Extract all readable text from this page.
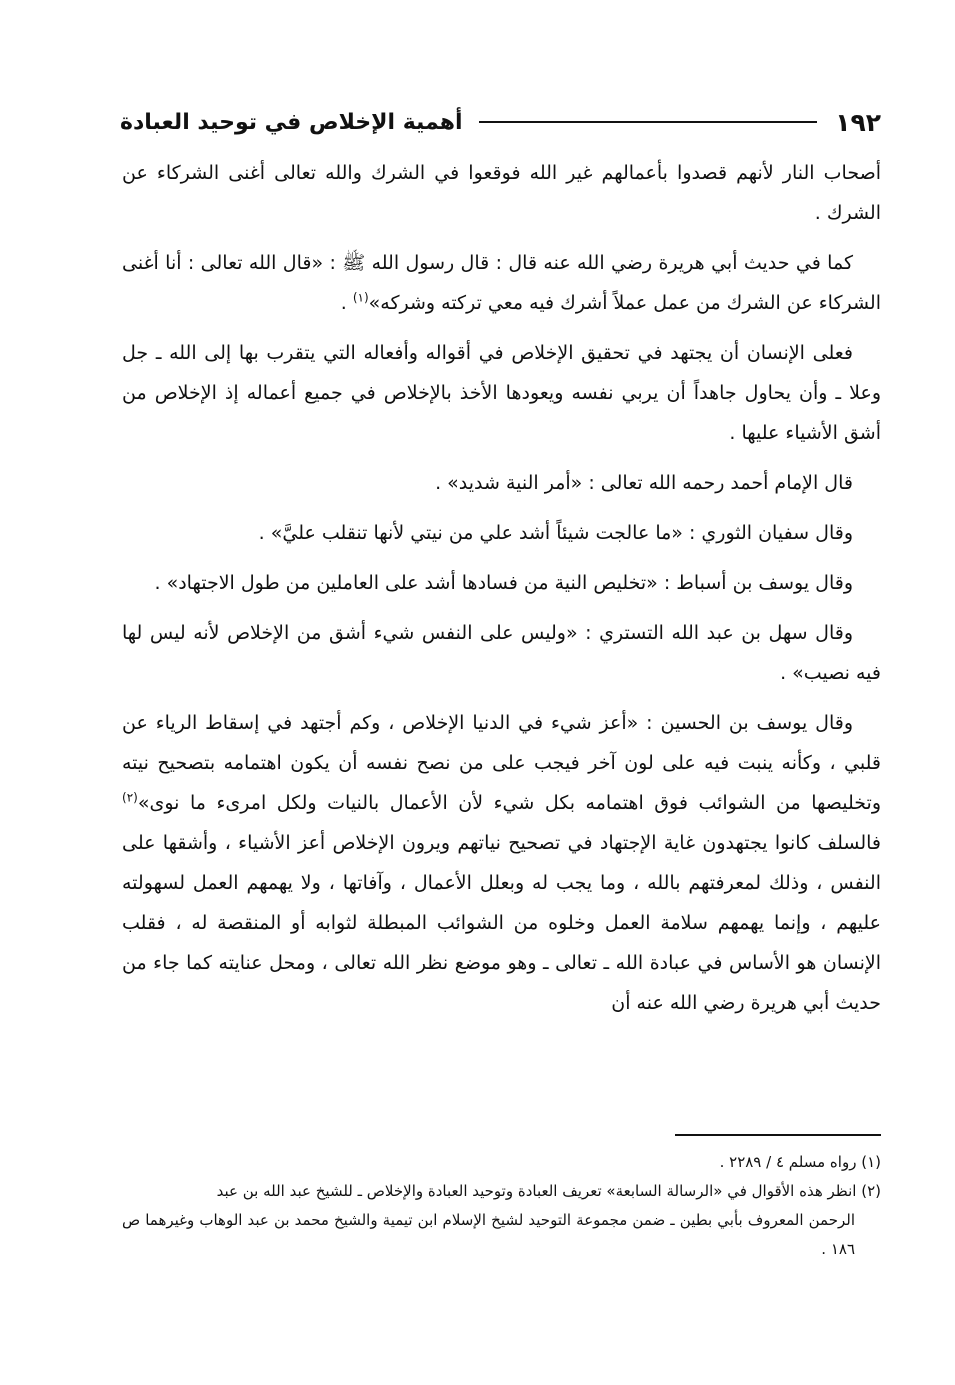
١٩٢
أهمية الإخلاص في توحيد العبادة

أصحاب النار لأنهم قصدوا بأعمالهم غير الله فوقعوا في الشرك والله تعالى أغنى الشركاء عن الشرك .

كما في حديث أبي هريرة رضي الله عنه قال : قال رسول الله ﷺ : «قال الله تعالى : أنا أغنى الشركاء عن الشرك من عمل عملاً أشرك فيه معي تركته وشركه»$^{(١)}$ .

فعلى الإنسان أن يجتهد في تحقيق الإخلاص في أقواله وأفعاله التي يتقرب بها إلى الله ـ جل وعلا ـ وأن يحاول جاهداً أن يربي نفسه ويعودها الأخذ بالإخلاص في جميع أعماله إذ الإخلاص من أشق الأشياء عليها .

قال الإمام أحمد رحمه الله تعالى : «أمر النية شديد» .

وقال سفيان الثوري : «ما عالجت شيئاً أشد علي من نيتي لأنها تنقلب عليَّ» .

وقال يوسف بن أسباط : «تخليص النية من فسادها أشد على العاملين من طول الاجتهاد» .

وقال سهل بن عبد الله التستري : «وليس على النفس شيء أشق من الإخلاص لأنه ليس لها فيه نصيب» .

وقال يوسف بن الحسين : «أعز شيء في الدنيا الإخلاص ، وكم أجتهد في إسقاط الرياء عن قلبي ، وكأنه ينبت فيه على لون آخر فيجب على من نصح نفسه أن يكون اهتمامه بتصحيح نيته وتخليصها من الشوائب فوق اهتمامه بكل شيء لأن الأعمال بالنيات ولكل امرىء ما نوى»$^{(٢)}$ فالسلف كانوا يجتهدون غاية الإجتهاد في تصحيح نياتهم ويرون الإخلاص أعز الأشياء ، وأشقها على النفس ، وذلك لمعرفتهم بالله ، وما يجب له وبعلل الأعمال ، وآفاتها ، ولا يهمهم العمل لسهولته عليهم ، وإنما يهمهم سلامة العمل وخلوه من الشوائب المبطلة لثوابه أو المنقصة له ، فقلب الإنسان هو الأساس في عبادة الله ـ تعالى ـ وهو موضع نظر الله تعالى ، ومحل عنايته كما جاء من حديث أبي هريرة رضي الله عنه أن

(١) رواه مسلم ٤ / ٢٢٨٩ .

(٢) انظر هذه الأقوال في «الرسالة السابعة» تعريف العبادة وتوحيد العبادة والإخلاص ـ للشيخ عبد الله بن عبد

الرحمن المعروف بأبي بطين ـ ضمن مجموعة التوحيد لشيخ الإسلام ابن تيمية والشيخ محمد بن عبد الوهاب وغيرهما ص ١٨٦ .
